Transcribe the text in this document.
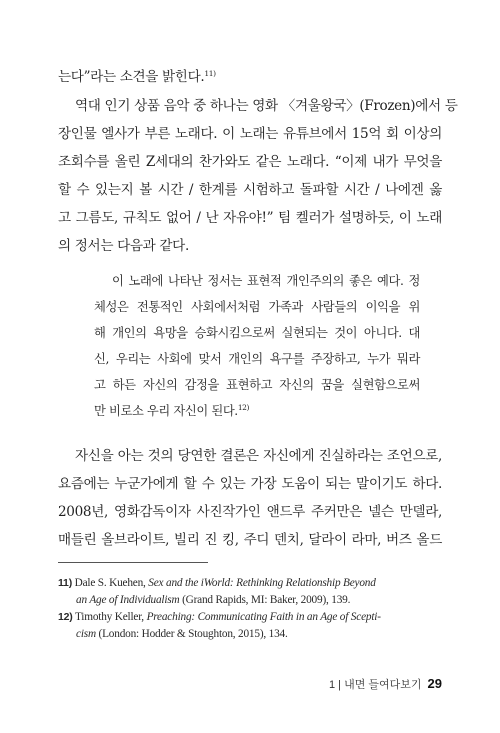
는다”라는 소견을 밝힌다.$^{11)}$
역대 인기 상품 음악 중 하나는 영화 〈겨울왕국〉(Frozen)에서 등
장인물 엘사가 부른 노래다. 이 노래는 유튜브에서 15억 회 이상의
조회수를 올린 Z세대의 찬가와도 같은 노래다. “이제 내가 무엇을
할 수 있는지 볼 시간 / 한계를 시험하고 돌파할 시간 / 나에겐 옳
고 그름도, 규칙도 없어 / 난 자유야!” 팀 켈러가 설명하듯, 이 노래
의 정서는 다음과 같다.
이 노래에 나타난 정서는 표현적 개인주의의 좋은 예다. 정
체성은 전통적인 사회에서처럼 가족과 사람들의 이익을 위
해 개인의 욕망을 승화시킴으로써 실현되는 것이 아니다. 대
신, 우리는 사회에 맞서 개인의 욕구를 주장하고, 누가 뭐라
고 하든 자신의 감정을 표현하고 자신의 꿈을 실현함으로써
만 비로소 우리 자신이 된다.$^{12)}$
자신을 아는 것의 당연한 결론은 자신에게 진실하라는 조언으로,
요즘에는 누군가에게 할 수 있는 가장 도움이 되는 말이기도 하다.
2008년, 영화감독이자 사진작가인 앤드루 주커만은 넬슨 만델라,
매들린 올브라이트, 빌리 진 킹, 주디 덴치, 달라이 라마, 버즈 올드
11) Dale S. Kuehen, Sex and the iWorld: Rethinking Relationship Beyond
an Age of Individualism (Grand Rapids, MI: Baker, 2009), 139.
12) Timothy Keller, Preaching: Communicating Faith in an Age of Scepti-
cism (London: Hodder & Stoughton, 2015), 134.
1 | 내면 들여다보기 29
